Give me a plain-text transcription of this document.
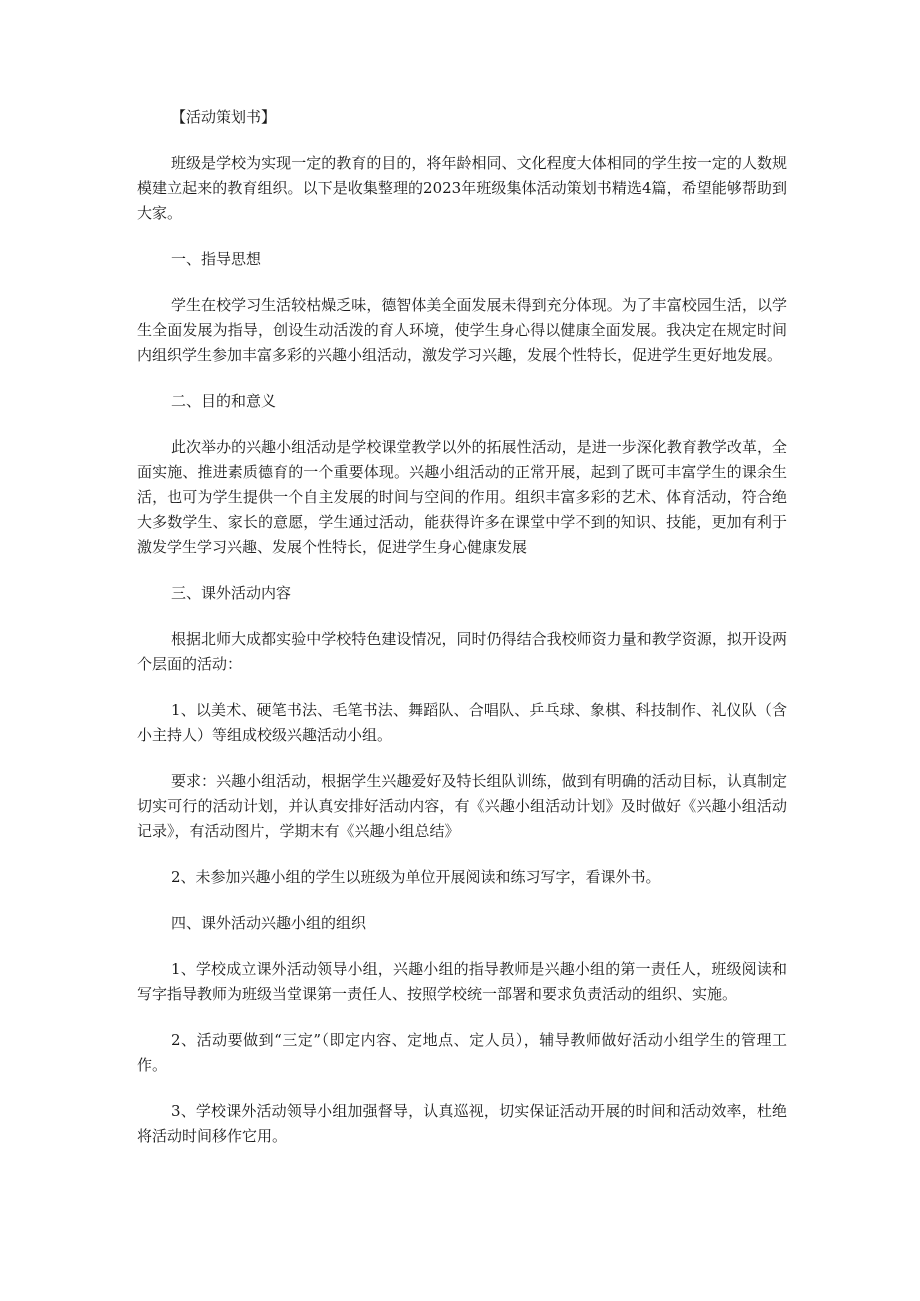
【活动策划书】

班级是学校为实现一定的教育的目的，将年龄相同、文化程度大体相同的学生按一定的人数规模建立起来的教育组织。以下是收集整理的2023年班级集体活动策划书精选4篇，希望能够帮助到大家。

一、指导思想

学生在校学习生活较枯燥乏味，德智体美全面发展未得到充分体现。为了丰富校园生活，以学生全面发展为指导，创设生动活泼的育人环境，使学生身心得以健康全面发展。我决定在规定时间内组织学生参加丰富多彩的兴趣小组活动，激发学习兴趣，发展个性特长，促进学生更好地发展。

二、目的和意义

此次举办的兴趣小组活动是学校课堂教学以外的拓展性活动，是进一步深化教育教学改革，全面实施、推进素质德育的一个重要体现。兴趣小组活动的正常开展，起到了既可丰富学生的课余生活，也可为学生提供一个自主发展的时间与空间的作用。组织丰富多彩的艺术、体育活动，符合绝大多数学生、家长的意愿，学生通过活动，能获得许多在课堂中学不到的知识、技能，更加有利于激发学生学习兴趣、发展个性特长，促进学生身心健康发展

三、课外活动内容

根据北师大成都实验中学校特色建设情况，同时仍得结合我校师资力量和教学资源，拟开设两个层面的活动：

1、以美术、硬笔书法、毛笔书法、舞蹈队、合唱队、乒乓球、象棋、科技制作、礼仪队（含小主持人）等组成校级兴趣活动小组。

要求：兴趣小组活动，根据学生兴趣爱好及特长组队训练，做到有明确的活动目标，认真制定切实可行的活动计划，并认真安排好活动内容，有《兴趣小组活动计划》及时做好《兴趣小组活动记录》，有活动图片，学期末有《兴趣小组总结》

2、未参加兴趣小组的学生以班级为单位开展阅读和练习写字，看课外书。

四、课外活动兴趣小组的组织

1、学校成立课外活动领导小组，兴趣小组的指导教师是兴趣小组的第一责任人，班级阅读和写字指导教师为班级当堂课第一责任人、按照学校统一部署和要求负责活动的组织、实施。

2、活动要做到“三定”（即定内容、定地点、定人员），辅导教师做好活动小组学生的管理工作。

3、学校课外活动领导小组加强督导，认真巡视，切实保证活动开展的时间和活动效率，杜绝将活动时间移作它用。
